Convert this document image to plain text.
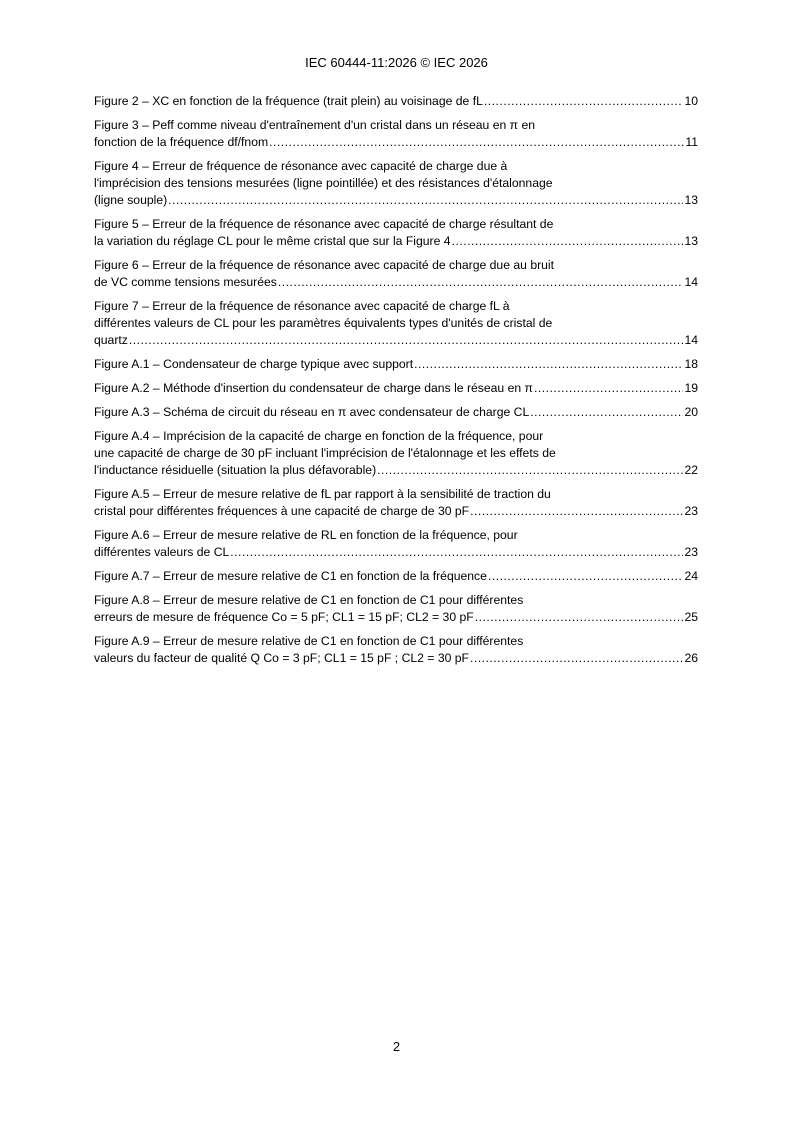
IEC 60444-11:2026 © IEC 2026
Figure 2 – XC en fonction de la fréquence (trait plein) au voisinage de fL .....	10
Figure 3 – Peff comme niveau d'entraînement d'un cristal dans un réseau en π en
fonction de la fréquence df/fnom .....	11
Figure 4 – Erreur de fréquence de résonance avec capacité de charge due à
l'imprécision des tensions mesurées (ligne pointillée) et des résistances d'étalonnage
(ligne souple) .....	13
Figure 5 – Erreur de la fréquence de résonance avec capacité de charge résultant de
la variation du réglage CL pour le même cristal que sur la Figure 4 .....	13
Figure 6 – Erreur de la fréquence de résonance avec capacité de charge due au bruit
de VC comme tensions mesurées .....	14
Figure 7 – Erreur de la fréquence de résonance avec capacité de charge fL à
différentes valeurs de CL pour les paramètres équivalents types d'unités de cristal de
quartz .....	14
Figure A.1 – Condensateur de charge typique avec support .....	18
Figure A.2 – Méthode d'insertion du condensateur de charge dans le réseau en π .....	19
Figure A.3 – Schéma de circuit du réseau en π avec condensateur de charge CL .....	20
Figure A.4 – Imprécision de la capacité de charge en fonction de la fréquence, pour
une capacité de charge de 30 pF incluant l'imprécision de l'étalonnage et les effets de
l'inductance résiduelle (situation la plus défavorable) .....	22
Figure A.5 – Erreur de mesure relative de fL par rapport à la sensibilité de traction du
cristal pour différentes fréquences à une capacité de charge de 30 pF .....	23
Figure A.6 – Erreur de mesure relative de RL en fonction de la fréquence, pour
différentes valeurs de CL .....	23
Figure A.7 – Erreur de mesure relative de C1 en fonction de la fréquence .....	24
Figure A.8 – Erreur de mesure relative de C1 en fonction de C1 pour différentes
erreurs de mesure de fréquence Co = 5 pF; CL1 = 15 pF; CL2 = 30 pF .....	25
Figure A.9 – Erreur de mesure relative de C1 en fonction de C1 pour différentes
valeurs du facteur de qualité Q Co = 3 pF; CL1 = 15 pF ; CL2 = 30 pF .....	26
2
